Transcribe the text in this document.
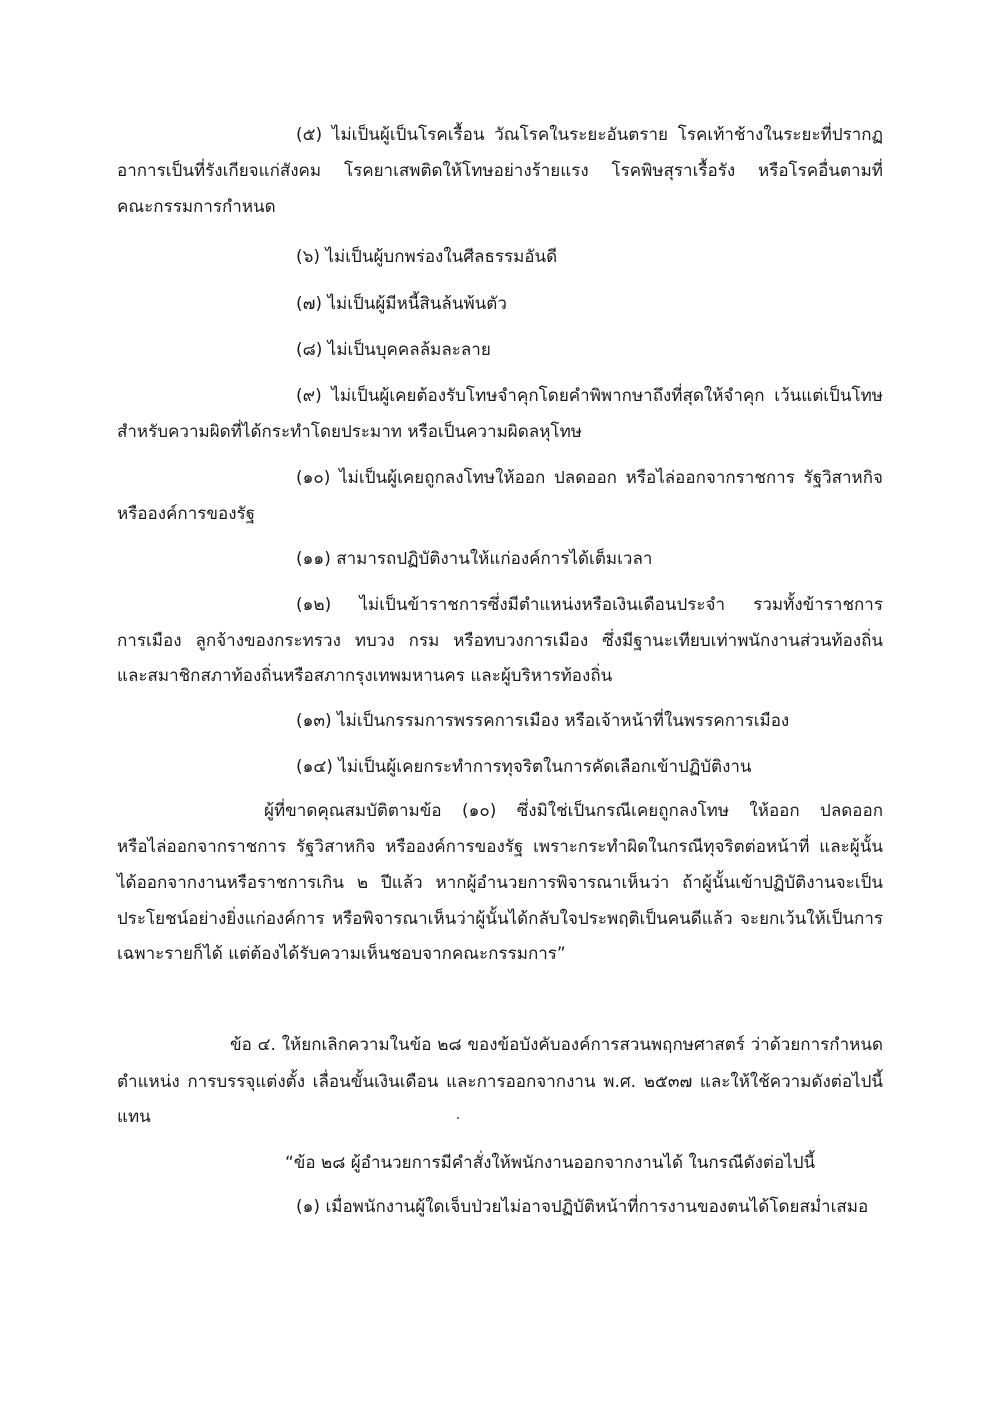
(๕) ไม่เป็นผู้เป็นโรคเรื้อน วัณโรคในระยะอันตราย โรคเท้าช้างในระยะที่ปรากฏ
อาการเป็นที่รังเกียจแก่สังคม โรคยาเสพติดให้โทษอย่างร้ายแรง โรคพิษสุราเรื้อรัง หรือโรคอื่นตามที่
คณะกรรมการกำหนด
(๖) ไม่เป็นผู้บกพร่องในศีลธรรมอันดี
(๗) ไม่เป็นผู้มีหนี้สินล้นพ้นตัว
(๘) ไม่เป็นบุคคลล้มละลาย
(๙) ไม่เป็นผู้เคยต้องรับโทษจำคุกโดยคำพิพากษาถึงที่สุดให้จำคุก เว้นแต่เป็นโทษ
สำหรับความผิดที่ได้กระทำโดยประมาท หรือเป็นความผิดลหุโทษ
(๑๐) ไม่เป็นผู้เคยถูกลงโทษให้ออก ปลดออก หรือไล่ออกจากราชการ รัฐวิสาหกิจ
หรือองค์การของรัฐ
(๑๑) สามารถปฏิบัติงานให้แก่องค์การได้เต็มเวลา
(๑๒) ไม่เป็นข้าราชการซึ่งมีตำแหน่งหรือเงินเดือนประจำ รวมทั้งข้าราชการ
การเมือง ลูกจ้างของกระทรวง ทบวง กรม หรือทบวงการเมือง ซึ่งมีฐานะเทียบเท่าพนักงานส่วนท้องถิ่น
และสมาชิกสภาท้องถิ่นหรือสภากรุงเทพมหานคร และผู้บริหารท้องถิ่น
(๑๓) ไม่เป็นกรรมการพรรคการเมือง หรือเจ้าหน้าที่ในพรรคการเมือง
(๑๔) ไม่เป็นผู้เคยกระทำการทุจริตในการคัดเลือกเข้าปฏิบัติงาน
ผู้ที่ขาดคุณสมบัติตามข้อ (๑๐) ซึ่งมิใช่เป็นกรณีเคยถูกลงโทษ ให้ออก ปลดออก
หรือไล่ออกจากราชการ รัฐวิสาหกิจ หรือองค์การของรัฐ เพราะกระทำผิดในกรณีทุจริตต่อหน้าที่ และผู้นั้น
ได้ออกจากงานหรือราชการเกิน ๒ ปีแล้ว หากผู้อำนวยการพิจารณาเห็นว่า ถ้าผู้นั้นเข้าปฏิบัติงานจะเป็น
ประโยชน์อย่างยิ่งแก่องค์การ หรือพิจารณาเห็นว่าผู้นั้นได้กลับใจประพฤติเป็นคนดีแล้ว จะยกเว้นให้เป็นการ
เฉพาะรายก็ได้ แต่ต้องได้รับความเห็นชอบจากคณะกรรมการ”
ข้อ ๔. ให้ยกเลิกความในข้อ ๒๘ ของข้อบังคับองค์การสวนพฤกษศาสตร์ ว่าด้วยการกำหนด
ตำแหน่ง การบรรจุแต่งตั้ง เลื่อนขั้นเงินเดือน และการออกจากงาน พ.ศ. ๒๕๓๗ และให้ใช้ความดังต่อไปนี้
แทน
“ข้อ ๒๘ ผู้อำนวยการมีคำสั่งให้พนักงานออกจากงานได้ ในกรณีดังต่อไปนี้
(๑) เมื่อพนักงานผู้ใดเจ็บป่วยไม่อาจปฏิบัติหน้าที่การงานของตนได้โดยสม่ำเสมอ
